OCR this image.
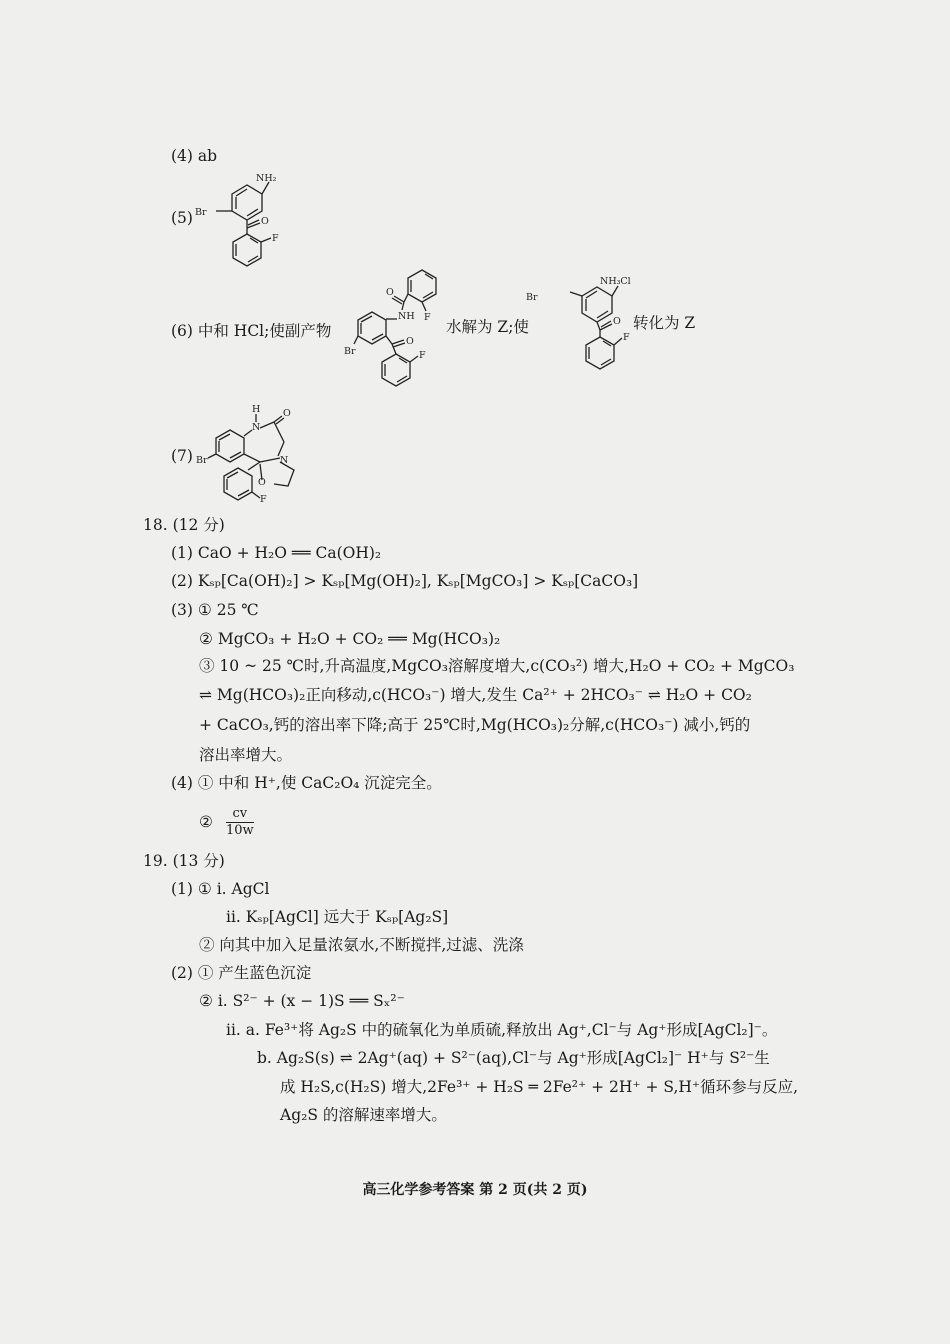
(4) ab
(5)
NH₂
Br
O
F
(6) 中和 HCl;使副产物
F
O
NH
Br
O
F
水解为 Z;使
NH₃Cl
Br
O
F
转化为 Z
(7)
H
N
O
N
Br
O
F
18. (12 分)
(1) CaO + H₂O ══ Ca(OH)₂
(2) Kₛₚ[Ca(OH)₂] > Kₛₚ[Mg(OH)₂], Kₛₚ[MgCO₃] > Kₛₚ[CaCO₃]
(3) ① 25 ℃
② MgCO₃ + H₂O + CO₂ ══ Mg(HCO₃)₂
③ 10 ~ 25 ℃时,升高温度,MgCO₃溶解度增大,c(CO₃²) 增大,H₂O + CO₂ + MgCO₃
⇌ Mg(HCO₃)₂正向移动,c(HCO₃⁻) 增大,发生 Ca²⁺ + 2HCO₃⁻ ⇌ H₂O + CO₂
+ CaCO₃,钙的溶出率下降;高于 25℃时,Mg(HCO₃)₂分解,c(HCO₃⁻) 减小,钙的
溶出率增大。
(4) ① 中和 H⁺,使 CaC₂O₄ 沉淀完全。
② $\frac{cv}{10w}$
19. (13 分)
(1) ① ⅰ. AgCl
ⅱ. Kₛₚ[AgCl] 远大于 Kₛₚ[Ag₂S]
② 向其中加入足量浓氨水,不断搅拌,过滤、洗涤
(2) ① 产生蓝色沉淀
② ⅰ. S²⁻ + (x − 1)S ══ Sₓ²⁻
ⅱ. a. Fe³⁺将 Ag₂S 中的硫氧化为单质硫,释放出 Ag⁺,Cl⁻与 Ag⁺形成[AgCl₂]⁻。
b. Ag₂S(s) ⇌ 2Ag⁺(aq) + S²⁻(aq),Cl⁻与 Ag⁺形成[AgCl₂]⁻ H⁺与 S²⁻生
成 H₂S,c(H₂S) 增大,2Fe³⁺ + H₂S ═ 2Fe²⁺ + 2H⁺ + S,H⁺循环参与反应,
Ag₂S 的溶解速率增大。
高三化学参考答案 第 2 页(共 2 页)
